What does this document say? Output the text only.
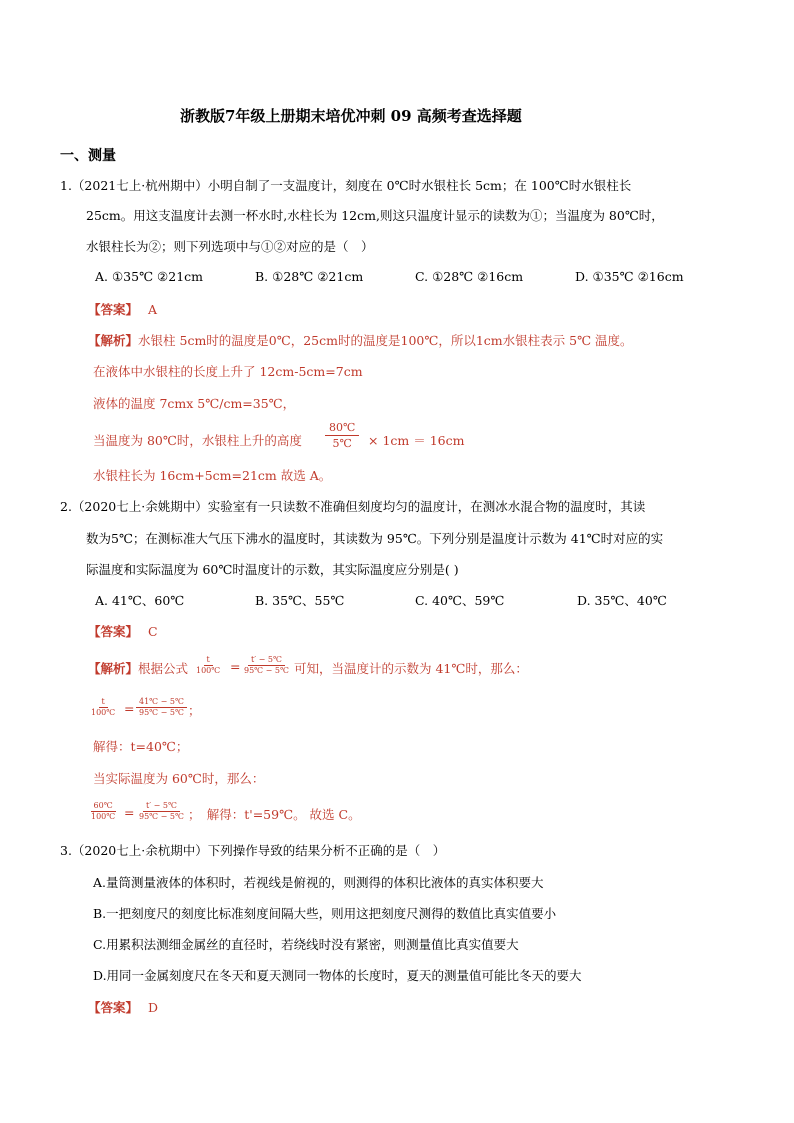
浙教版7年级上册期末培优冲刺 09 高频考查选择题
一、测量
1.（2021七上·杭州期中）小明自制了一支温度计，刻度在 0℃时水银柱长 5cm；在 100℃时水银柱长
25cm。用这支温度计去测一杯水时,水柱长为 12cm,则这只温度计显示的读数为①；当温度为 80℃时，
水银柱长为②；则下列选项中与①②对应的是（　）
A. ①35℃ ②21cm	B. ①28℃ ②21cm	C. ①28℃ ②16cm	D. ①35℃ ②16cm
【答案】 A
【解析】水银柱 5cm时的温度是0℃，25cm时的温度是100℃，所以1cm水银柱表示 5℃ 温度。
在液体中水银柱的长度上升了 12cm-5cm=7cm
液体的温度 7cmx 5℃/cm=35℃，
当温度为 80℃时，水银柱上升的高度 $\frac{80℃}{5℃} \times 1cm = 16cm$
水银柱长为 16cm+5cm=21cm 故选 A。
2.（2020七上·余姚期中）实验室有一只读数不准确但刻度均匀的温度计，在测冰水混合物的温度时，其读
数为5℃；在测标准大气压下沸水的温度时，其读数为 95℃。下列分别是温度计示数为 41℃时对应的实
际温度和实际温度为 60℃时温度计的示数，其实际温度应分别是( )
A. 41℃、60℃	B. 35℃、55℃	C. 40℃、59℃	D. 35℃、40℃
【答案】 C
【解析】根据公式 $\frac{t}{100℃} = \frac{t' - 5℃}{95℃ - 5℃}$ 可知，当温度计的示数为 41℃时，那么：
$\frac{t}{100℃} = \frac{41℃ - 5℃}{95℃ - 5℃}$ ；
解得：t=40℃；
当实际温度为 60℃时，那么：
$\frac{60℃}{100℃} = \frac{t' - 5℃}{95℃ - 5℃}$ ；　解得：t'=59℃。 故选 C。
3.（2020七上·余杭期中）下列操作导致的结果分析不正确的是（　）
A.量筒测量液体的体积时，若视线是俯视的，则测得的体积比液体的真实体积要大
B.一把刻度尺的刻度比标准刻度间隔大些，则用这把刻度尺测得的数值比真实值要小
C.用累积法测细金属丝的直径时，若绕线时没有紧密，则测量值比真实值要大
D.用同一金属刻度尺在冬天和夏天测同一物体的长度时，夏天的测量值可能比冬天的要大
【答案】 D
